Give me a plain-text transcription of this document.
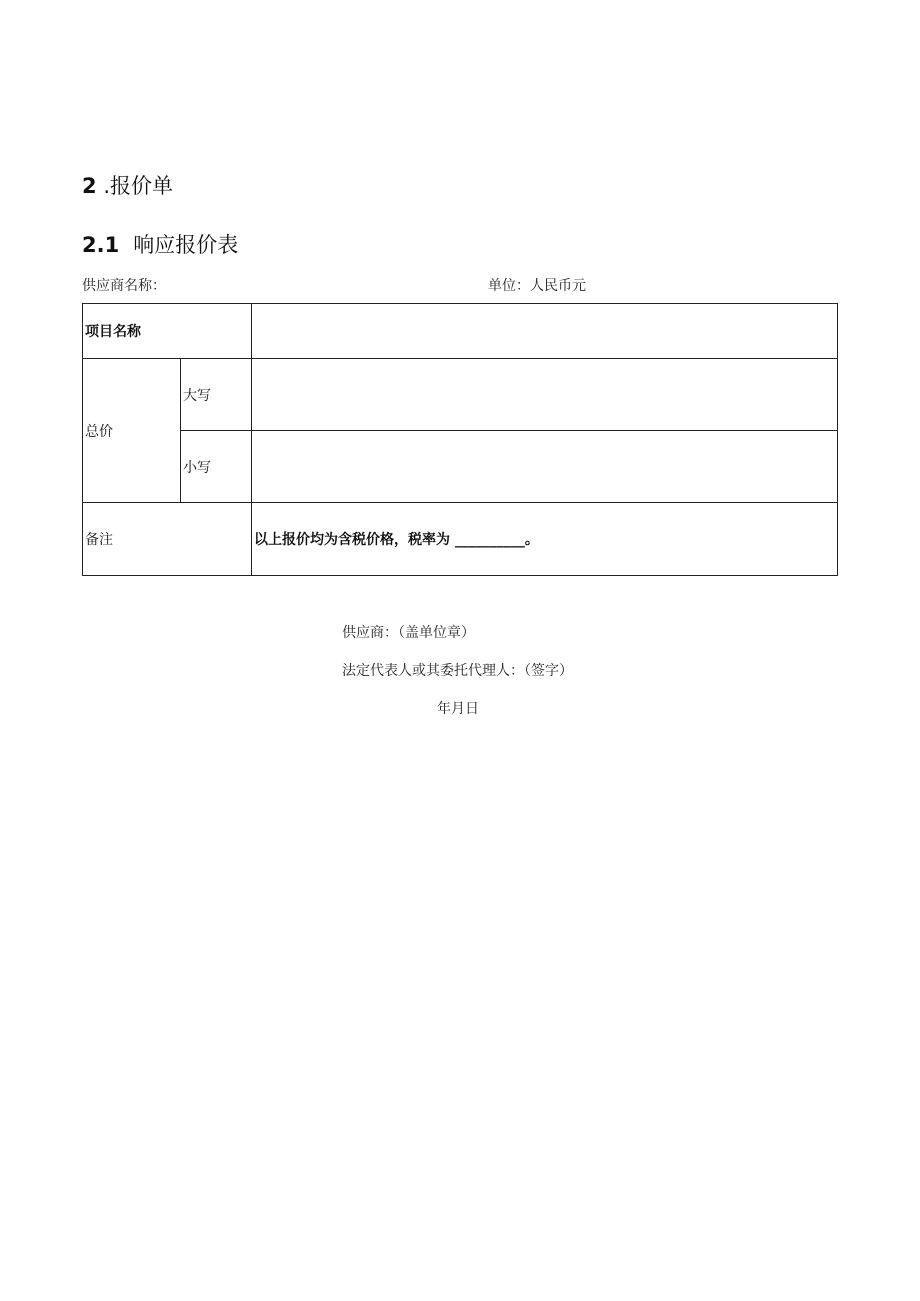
2 .报价单
2.1 响应报价表
供应商名称：	单位：人民币元
项目名称		
总价	大写	
	小写	
备注		以上报价均为含税价格，税率为 __________。
供应商：（盖单位章）
法定代表人或其委托代理人：（签字）
年月日
